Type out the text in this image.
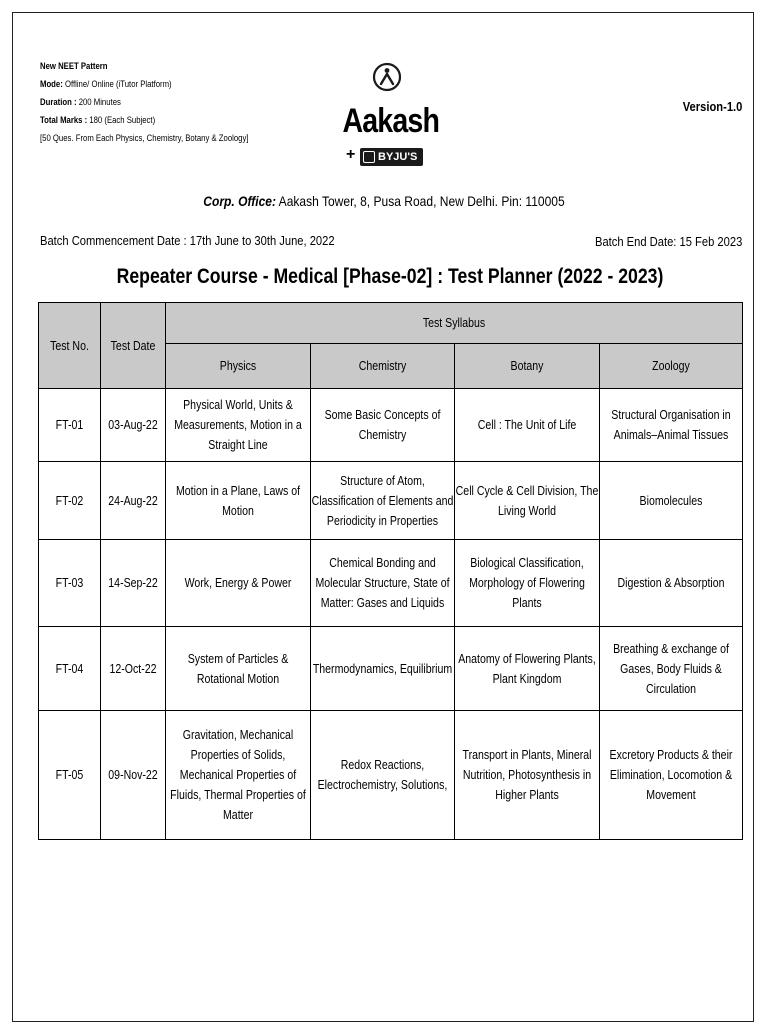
New NEET Pattern
Mode: Offline/ Online (iTutor Platform)
Duration : 200 Minutes
Total Marks : 180 (Each Subject)
[50 Ques. From Each Physics, Chemistry, Botany & Zoology]	Aakash
+ BYJU'S
Version-1.0
Corp. Office: Aakash Tower, 8, Pusa Road, New Delhi. Pin: 110005
Batch Commencement Date : 17th June to 30th June, 2022	Batch End Date: 15 Feb 2023
Repeater Course - Medical [Phase-02] : Test Planner (2022 - 2023)
Test No.	Test Date	Test Syllabus			

		Physics	Chemistry	Botany	Zoology

FT-01	03-Aug-22	Physical World, Units & Measurements, Motion in a Straight Line	Some Basic Concepts of Chemistry	Cell : The Unit of Life	Structural Organisation in Animals–Animal Tissues

FT-02	24-Aug-22	Motion in a Plane, Laws of Motion	Structure of Atom, Classification of Elements and Periodicity in Properties	Cell Cycle & Cell Division, The Living World	Biomolecules

FT-03	14-Sep-22	Work, Energy & Power	Chemical Bonding and Molecular Structure, State of Matter: Gases and Liquids	Biological Classification, Morphology of Flowering Plants	Digestion & Absorption

FT-04	12-Oct-22	System of Particles & Rotational Motion	Thermodynamics, Equilibrium	Anatomy of Flowering Plants, Plant Kingdom	Breathing & exchange of Gases, Body Fluids & Circulation

FT-05	09-Nov-22	Gravitation, Mechanical Properties of Solids, Mechanical Properties of Fluids, Thermal Properties of Matter	Redox Reactions, Electrochemistry, Solutions,	Transport in Plants, Mineral Nutrition, Photosynthesis in Higher Plants	Excretory Products & their Elimination, Locomotion & Movement
